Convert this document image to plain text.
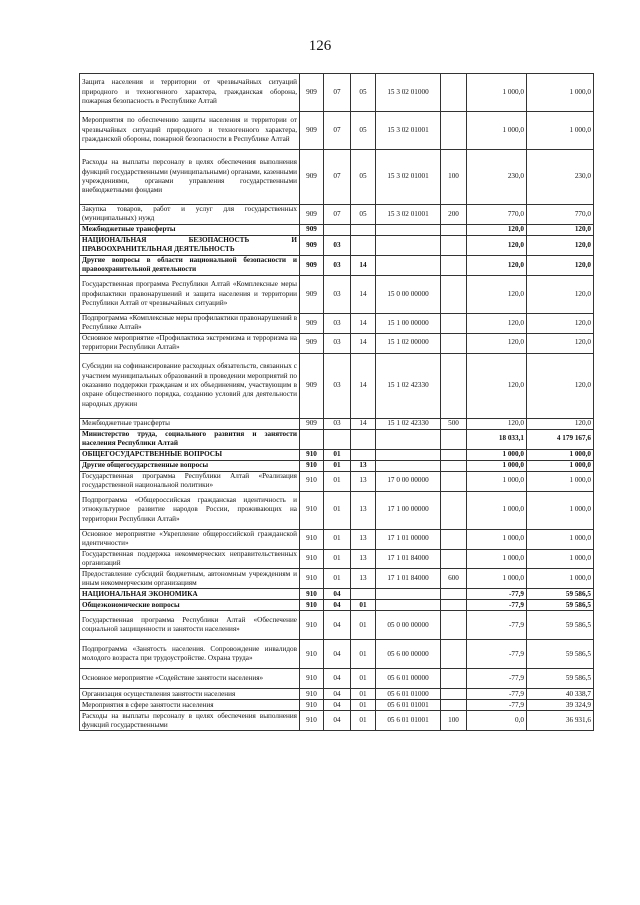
126
Защита населения и территории от чрезвычайных ситуаций природного и техногенного характера, гражданская оборона, пожарная безопасность в Республике Алтай	909	07	05	15 3 02 01000		1 000,0	1 000,0
Мероприятия по обеспечению защиты населения и территории от чрезвычайных ситуаций природного и техногенного характера, гражданской обороны, пожарной безопасности в Республике Алтай	909	07	05	15 3 02 01001		1 000,0	1 000,0
Расходы на выплаты персоналу в целях обеспечения выполнения функций государственными (муниципальными) органами, казенными учреждениями, органами управления государственными внебюджетными фондами	909	07	05	15 3 02 01001	100	230,0	230,0
Закупка товаров, работ и услуг для государственных (муниципальных) нужд	909	07	05	15 3 02 01001	200	770,0	770,0
Межбюджетные трансферты	909					120,0	120,0
НАЦИОНАЛЬНАЯ БЕЗОПАСНОСТЬ И ПРАВООХРАНИТЕЛЬНАЯ ДЕЯТЕЛЬНОСТЬ	909	03				120,0	120,0
Другие вопросы в области национальной безопасности и правоохранительной деятельности	909	03	14			120,0	120,0
Государственная программа Республики Алтай «Комплексные меры профилактики правонарушений и защита населения и территории Республики Алтай от чрезвычайных ситуаций»	909	03	14	15 0 00 00000		120,0	120,0
Подпрограмма «Комплексные меры профилактики правонарушений в Республике Алтай»	909	03	14	15 1 00 00000		120,0	120,0
Основное мероприятие «Профилактика экстремизма и терроризма на территории Республики Алтай»	909	03	14	15 1 02 00000		120,0	120,0
Субсидии на софинансирование расходных обязательств, связанных с участием муниципальных образований в проведении мероприятий по оказанию поддержки гражданам и их объединениям, участвующим в охране общественного порядка, созданию условий для деятельности народных дружин	909	03	14	15 1 02 42330		120,0	120,0
Межбюджетные трансферты	909	03	14	15 1 02 42330	500	120,0	120,0
Министерство труда, социального развития и занятости населения Республики Алтай						18 033,1	4 179 167,6
ОБЩЕГОСУДАРСТВЕННЫЕ ВОПРОСЫ	910	01				1 000,0	1 000,0
Другие общегосударственные вопросы	910	01	13			1 000,0	1 000,0
Государственная программа Республики Алтай «Реализация государственной национальной политики»	910	01	13	17 0 00 00000		1 000,0	1 000,0
Подпрограмма «Общероссийская гражданская идентичность и этнокультурное развитие народов России, проживающих на территории Республики Алтай»	910	01	13	17 1 00 00000		1 000,0	1 000,0
Основное мероприятие «Укрепление общероссийской гражданской идентичности»	910	01	13	17 1 01 00000		1 000,0	1 000,0
Государственная поддержка некоммерческих неправительственных организаций	910	01	13	17 1 01 84000		1 000,0	1 000,0
Предоставление субсидий бюджетным, автономным учреждениям и иным некоммерческим организациям	910	01	13	17 1 01 84000	600	1 000,0	1 000,0
НАЦИОНАЛЬНАЯ ЭКОНОМИКА	910	04				-77,9	59 586,5
Общеэкономические вопросы	910	04	01			-77,9	59 586,5
Государственная программа Республики Алтай «Обеспечение социальной защищенности и занятости населения»	910	04	01	05 0 00 00000		-77,9	59 586,5
Подпрограмма «Занятость населения. Сопровождение инвалидов молодого возраста при трудоустройстве. Охрана труда»	910	04	01	05 6 00 00000		-77,9	59 586,5
Основное мероприятие «Содействие занятости населения»	910	04	01	05 6 01 00000		-77,9	59 586,5
Организация осуществления занятости населения	910	04	01	05 6 01 01000		-77,9	40 338,7
Мероприятия в сфере занятости населения	910	04	01	05 6 01 01001		-77,9	39 324,9
Расходы на выплаты персоналу в целях обеспечения выполнения функций государственными	910	04	01	05 6 01 01001	100	0,0	36 931,6
